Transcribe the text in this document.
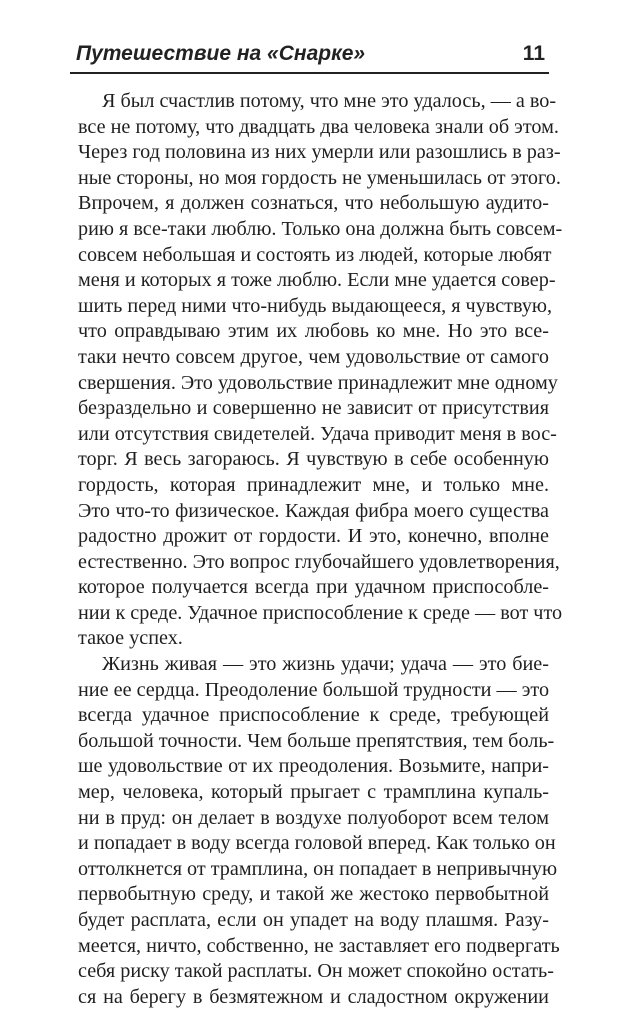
Путешествие на «Снарке»	11
Я был счастлив потому, что мне это удалось, — а во-
все не потому, что двадцать два человека знали об этом.
Через год половина из них умерли или разошлись в раз-
ные стороны, но моя гордость не уменьшилась от этого.
Впрочем, я должен сознаться, что небольшую аудито-
рию я все-таки люблю. Только она должна быть совсем-
совсем небольшая и состоять из людей, которые любят
меня и которых я тоже люблю. Если мне удается совер-
шить перед ними что-нибудь выдающееся, я чувствую,
что оправдываю этим их любовь ко мне. Но это все-
таки нечто совсем другое, чем удовольствие от самого
свершения. Это удовольствие принадлежит мне одному
безраздельно и совершенно не зависит от присутствия
или отсутствия свидетелей. Удача приводит меня в вос-
торг. Я весь загораюсь. Я чувствую в себе особенную
гордость, которая принадлежит мне, и только мне.
Это что-то физическое. Каждая фибра моего существа
радостно дрожит от гордости. И это, конечно, вполне
естественно. Это вопрос глубочайшего удовлетворения,
которое получается всегда при удачном приспособле-
нии к среде. Удачное приспособление к среде — вот что
такое успех.
Жизнь живая — это жизнь удачи; удача — это бие-
ние ее сердца. Преодоление большой трудности — это
всегда удачное приспособление к среде, требующей
большой точности. Чем больше препятствия, тем боль-
ше удовольствие от их преодоления. Возьмите, напри-
мер, человека, который прыгает с трамплина купаль-
ни в пруд: он делает в воздухе полуоборот всем телом
и попадает в воду всегда головой вперед. Как только он
оттолкнется от трамплина, он попадает в непривычную
первобытную среду, и такой же жестоко первобытной
будет расплата, если он упадет на воду плашмя. Разу-
меется, ничто, собственно, не заставляет его подвергать
себя риску такой расплаты. Он может спокойно остать-
ся на берегу в безмятежном и сладостном окружении
